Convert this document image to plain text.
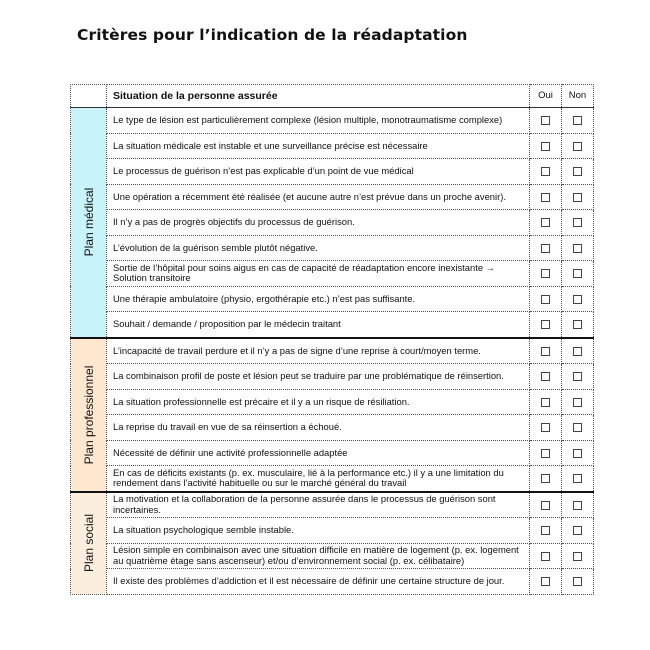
Critères pour l’indication de la réadaptation
	Situation de la personne assurée	Oui	Non

Plan médical	Le type de lésion est particulièrement complexe (lésion multiple, monotraumatisme complexe)		
	La situation médicale est instable et une surveillance précise est nécessaire		
	Le processus de guérison n’est pas explicable d’un point de vue médical		
	Une opération a récemment été réalisée (et aucune autre n’est prévue dans un proche avenir).		
	Il n’y a pas de progrès objectifs du processus de guérison.		
	L’évolution de la guérison semble plutôt négative.		
	Sortie de l’hôpital pour soins aigus en cas de capacité de réadaptation encore inexistante → Solution transitoire		
	Une thérapie ambulatoire (physio, ergothérapie etc.) n’est pas suffisante.		
	Souhait / demande / proposition par le médecin traitant		

Plan professionnel	L’incapacité de travail perdure et il n’y a pas de signe d’une reprise à court/moyen terme.		
	La combinaison profil de poste et lésion peut se traduire par une problématique de réinsertion.		
	La situation professionnelle est précaire et il y a un risque de résiliation.		
	La reprise du travail en vue de sa réinsertion a échoué.		
	Nécessité de définir une activité professionnelle adaptée		
	En cas de déficits existants (p. ex. musculaire, lié à la performance etc.) il y a une limitation du rendement dans l’activité habituelle ou sur le marché général du travail		

Plan social	La motivation et la collaboration de la personne assurée dans le processus de guérison sont incertaines.		
	La situation psychologique semble instable.		
	Lésion simple en combinaison avec une situation difficile en matière de logement (p. ex. logement au quatrième étage sans ascenseur) et/ou d’environnement social (p. ex. célibataire)		
	Il existe des problèmes d’addiction et il est nécessaire de définir une certaine structure de jour.		
